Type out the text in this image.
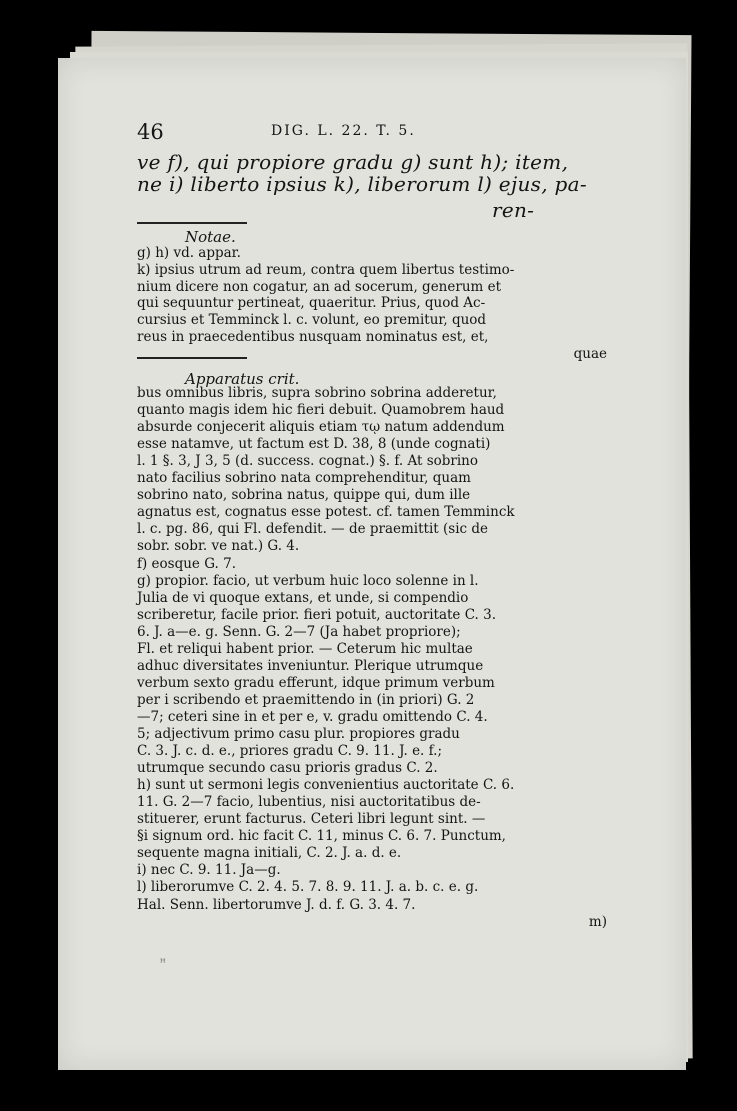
46	DIG. L. 22. T. 5.
ve f), qui propiore gradu g) sunt h); item,
ne i) liberto ipsius k), liberorum l) ejus, pa-
ren-
Notae.
g) h) vd. appar.
k) ipsius utrum ad reum, contra quem libertus testimo-
nium dicere non cogatur, an ad socerum, generum et
qui sequuntur pertineat, quaeritur. Prius, quod Ac-
cursius et Temminck l. c. volunt, eo premitur, quod
reus in praecedentibus nusquam nominatus est, et,
quae
Apparatus crit.
bus omnibus libris, supra sobrino sobrina adderetur,
quanto magis idem hic fieri debuit. Quamobrem haud
absurde conjecerit aliquis etiam τῳ natum addendum
esse natamve, ut factum est D. 38, 8 (unde cognati)
l. 1 §. 3, J 3, 5 (d. success. cognat.) §. f. At sobrino
nato facilius sobrino nata comprehenditur, quam
sobrino nato, sobrina natus, quippe qui, dum ille
agnatus est, cognatus esse potest. cf. tamen Temminck
l. c. pg. 86, qui Fl. defendit. — de praemittit (sic de
sobr. sobr. ve nat.) G. 4.
f) eosque G. 7.
g) propior. facio, ut verbum huic loco solenne in l.
Julia de vi quoque extans, et unde, si compendio
scriberetur, facile prior. fieri potuit, auctoritate C. 3.
6. J. a—e. g. Senn. G. 2—7 (Ja habet propriore);
Fl. et reliqui habent prior. — Ceterum hic multae
adhuc diversitates inveniuntur. Plerique utrumque
verbum sexto gradu efferunt, idque primum verbum
per i scribendo et praemittendo in (in priori) G. 2
—7; ceteri sine in et per e, v. gradu omittendo C. 4.
5; adjectivum primo casu plur. propiores gradu
C. 3. J. c. d. e., priores gradu C. 9. 11. J. e. f.;
utrumque secundo casu prioris gradus C. 2.
h) sunt ut sermoni legis convenientius auctoritate C. 6.
11. G. 2—7 facio, lubentius, nisi auctoritatibus de-
stituerer, erunt facturus. Ceteri libri legunt sint. —
§i signum ord. hic facit C. 11, minus C. 6. 7. Punctum,
sequente magna initiali, C. 2. J. a. d. e.
i) nec C. 9. 11. Ja—g.
l) liberorumve C. 2. 4. 5. 7. 8. 9. 11. J. a. b. c. e. g.
Hal. Senn. libertorumve J. d. f. G. 3. 4. 7.
m)
ꟸ
